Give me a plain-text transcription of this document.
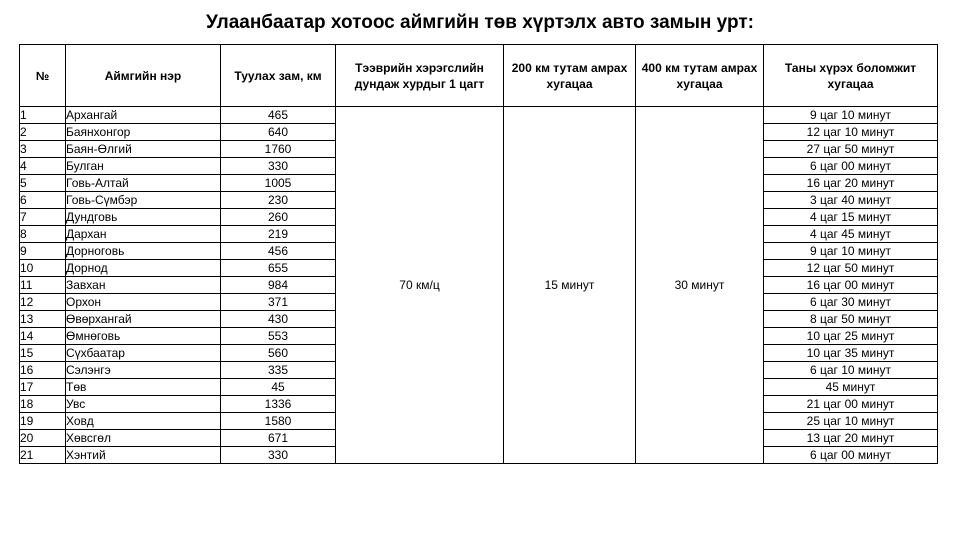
Улаанбаатар хотоос аймгийн төв хүртэлх авто замын урт:
№	Аймгийн нэр	Туулах зам, км	Тээврийн хэрэгслийн дундаж хурдыг 1 цагт	200 км тутам амрах хугацаа	400 км тутам амрах хугацаа	Таны хүрэх боломжит хугацаа
1	Архангай	465	70 км/ц	15 минут	30 минут	9 цаг 10 минут
2	Баянхонгор	640				12 цаг 10 минут
3	Баян-Өлгий	1760				27 цаг 50 минут
4	Булган	330				6 цаг 00 минут
5	Говь-Алтай	1005				16 цаг 20 минут
6	Говь-Сүмбэр	230				3 цаг 40 минут
7	Дундговь	260				4 цаг 15 минут
8	Дархан	219				4 цаг 45 минут
9	Дорноговь	456				9 цаг 10 минут
10	Дорнод	655				12 цаг 50 минут
11	Завхан	984				16 цаг 00 минут
12	Орхон	371				6 цаг 30 минут
13	Өвөрхангай	430				8 цаг 50 минут
14	Өмнөговь	553				10 цаг 25 минут
15	Сүхбаатар	560				10 цаг 35 минут
16	Сэлэнгэ	335				6 цаг 10 минут
17	Төв	45				45 минут
18	Увс	1336				21 цаг 00 минут
19	Ховд	1580				25 цаг 10 минут
20	Хөвсгөл	671				13 цаг 20 минут
21	Хэнтий	330				6 цаг 00 минут
